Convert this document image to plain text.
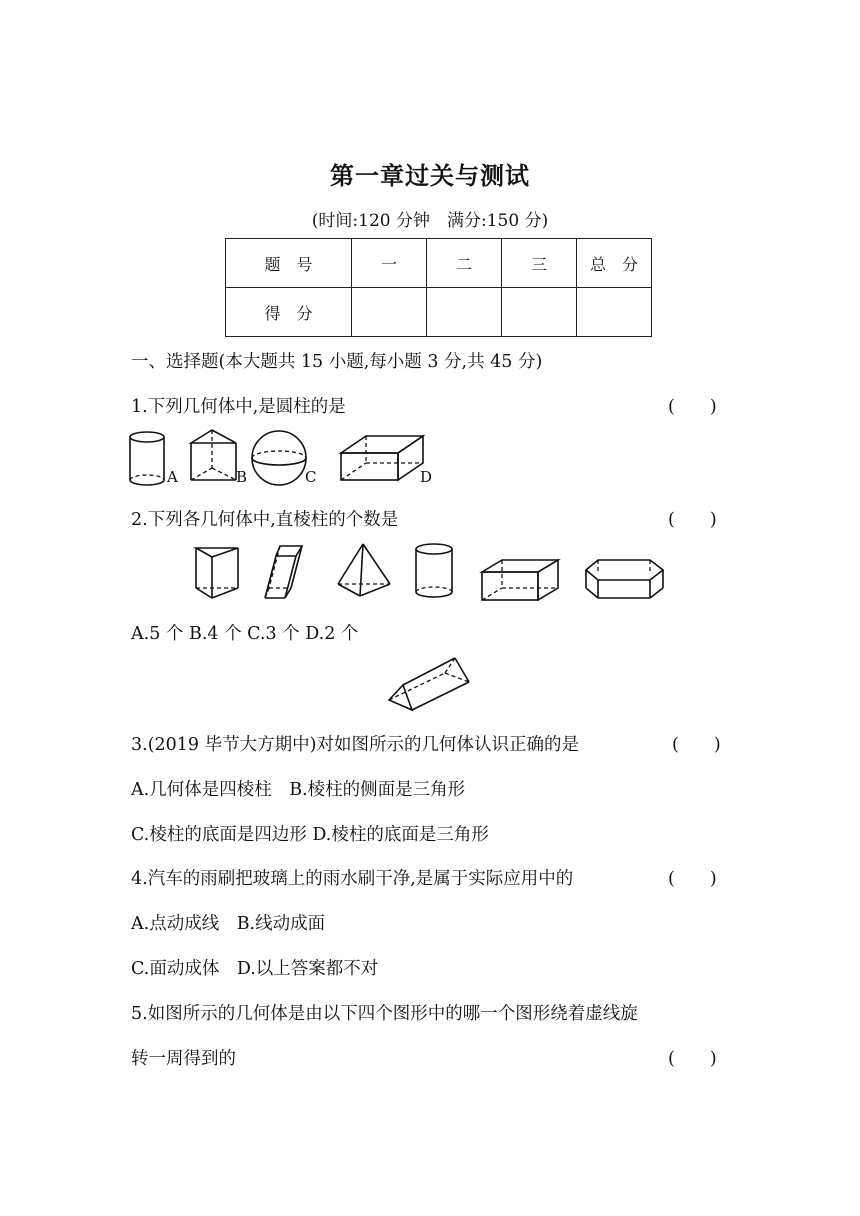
第一章过关与测试
(时间:120 分钟　满分:150 分)
题　号	一	二	三	总　分
得　分				
一、选择题(本大题共 15 小题,每小题 3 分,共 45 分)
1.下列几何体中,是圆柱的是	(　　)
A	B	C	D
2.下列各几何体中,直棱柱的个数是	(　　)
A.5 个 B.4 个 C.3 个 D.2 个
3.(2019 毕节大方期中)对如图所示的几何体认识正确的是	(　　)
A.几何体是四棱柱　B.棱柱的侧面是三角形
C.棱柱的底面是四边形 D.棱柱的底面是三角形
4.汽车的雨刷把玻璃上的雨水刷干净,是属于实际应用中的	(　　)
A.点动成线　B.线动成面
C.面动成体　D.以上答案都不对
5.如图所示的几何体是由以下四个图形中的哪一个图形绕着虚线旋
转一周得到的	(　　)
